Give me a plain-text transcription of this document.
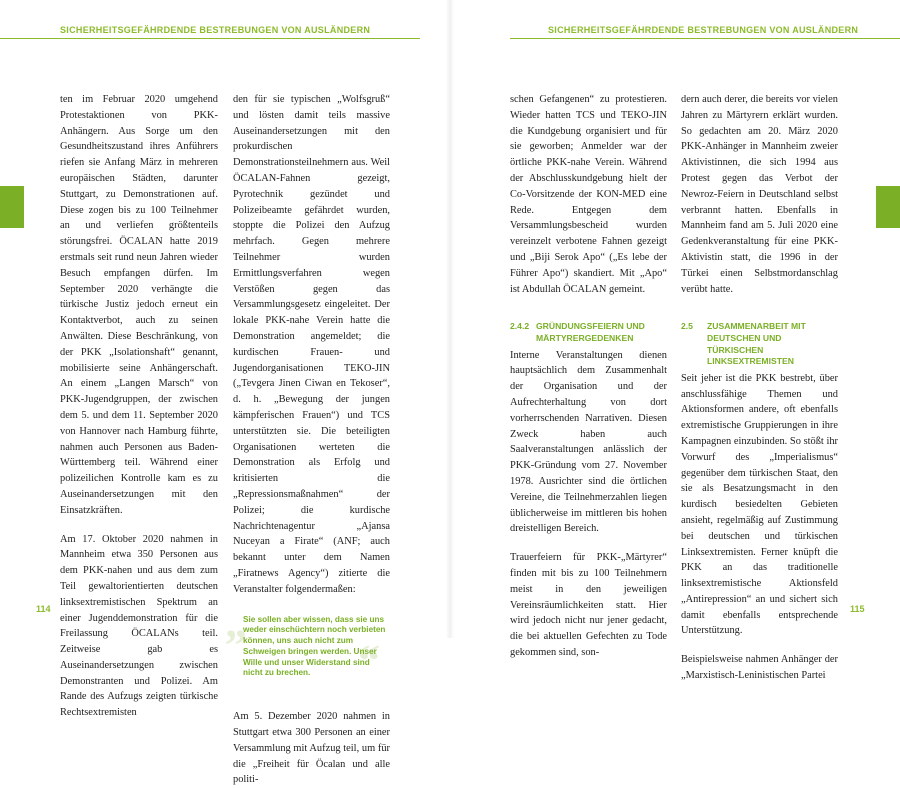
SICHERHEITSGEFÄHRDENDE BESTREBUNGEN VON AUSLÄNDERN

ten im Februar 2020 umgehend Protestaktionen von PKK-Anhängern. Aus Sorge um den Gesundheitszustand ihres Anführers riefen sie Anfang März in mehreren europäischen Städten, darunter Stuttgart, zu Demonstrationen auf. Diese zogen bis zu 100 Teilnehmer an und verliefen größtenteils störungsfrei. ÖCALAN hatte 2019 erstmals seit rund neun Jahren wieder Besuch empfangen dürfen. Im September 2020 verhängte die türkische Justiz jedoch erneut ein Kontaktverbot, auch zu seinen Anwälten. Diese Beschränkung, von der PKK „Isolationshaft“ genannt, mobilisierte seine Anhängerschaft. An einem „Langen Marsch“ von PKK-Jugendgruppen, der zwischen dem 5. und dem 11. September 2020 von Hannover nach Hamburg führte, nahmen auch Personen aus Baden-Württemberg teil. Während einer polizeilichen Kontrolle kam es zu Auseinandersetzungen mit den Einsatzkräften.

Am 17. Oktober 2020 nahmen in Mannheim etwa 350 Personen aus dem PKK-nahen und aus dem zum Teil gewaltorientierten deutschen linksextremistischen Spektrum an einer Jugenddemonstration für die Freilassung ÖCALANs teil. Zeitweise gab es Auseinandersetzungen zwischen Demonstranten und Polizei. Am Rande des Aufzugs zeigten türkische Rechtsextremisten

den für sie typischen „Wolfsgruß“ und lösten damit teils massive Auseinandersetzungen mit den prokurdischen Demonstrationsteilnehmern aus. Weil ÖCALAN-Fahnen gezeigt, Pyrotechnik gezündet und Polizeibeamte gefährdet wurden, stoppte die Polizei den Aufzug mehrfach. Gegen mehrere Teilnehmer wurden Ermittlungsverfahren wegen Verstößen gegen das Versammlungsgesetz eingeleitet. Der lokale PKK-nahe Verein hatte die Demonstration angemeldet; die kurdischen Frauen- und Jugendorganisationen TEKO-JIN („Tevgera Jinen Ciwan en Tekoser“, d. h. „Bewegung der jungen kämpferischen Frauen“) und TCS unterstützten sie. Die beteiligten Organisationen werteten die Demonstration als Erfolg und kritisierten die „Repressionsmaßnahmen“ der Polizei; die kurdische Nachrichtenagentur „Ajansa Nuceyan a Firate“ (ANF; auch bekannt unter dem Namen „Firatnews Agency“) zitierte die Veranstalter folgendermaßen:

„
“
Sie sollen aber wissen, dass sie uns weder einschüchtern noch verbieten können, uns auch nicht zum Schweigen bringen werden. Unser Wille und unser Widerstand sind nicht zu brechen.

Am 5. Dezember 2020 nahmen in Stuttgart etwa 300 Personen an einer Versammlung mit Aufzug teil, um für die „Freiheit für Öcalan und alle politi-

114
SICHERHEITSGEFÄHRDENDE BESTREBUNGEN VON AUSLÄNDERN

schen Gefangenen“ zu protestieren. Wieder hatten TCS und TEKO-JIN die Kundgebung organisiert und für sie geworben; Anmelder war der örtliche PKK-nahe Verein. Während der Abschlusskundgebung hielt der Co-Vorsitzende der KON-MED eine Rede. Entgegen dem Versammlungsbescheid wurden vereinzelt verbotene Fahnen gezeigt und „Biji Serok Apo“ („Es lebe der Führer Apo“) skandiert. Mit „Apo“ ist Abdullah ÖCALAN gemeint.

2.4.2 GRÜNDUNGSFEIERN UND MÄRTYRERGEDENKEN

Interne Veranstaltungen dienen hauptsächlich dem Zusammenhalt der Organisation und der Aufrechterhaltung von dort vorherrschenden Narrativen. Diesen Zweck haben auch Saalveranstaltungen anlässlich der PKK-Gründung vom 27. November 1978. Ausrichter sind die örtlichen Vereine, die Teilnehmerzahlen liegen üblicherweise im mittleren bis hohen dreistelligen Bereich.

Trauerfeiern für PKK-„Märtyrer“ finden mit bis zu 100 Teilnehmern meist in den jeweiligen Vereinsräumlichkeiten statt. Hier wird jedoch nicht nur jener gedacht, die bei aktuellen Gefechten zu Tode gekommen sind, son-

dern auch derer, die bereits vor vielen Jahren zu Märtyrern erklärt wurden. So gedachten am 20. März 2020 PKK-Anhänger in Mannheim zweier Aktivistinnen, die sich 1994 aus Protest gegen das Verbot der Newroz-Feiern in Deutschland selbst verbrannt hatten. Ebenfalls in Mannheim fand am 5. Juli 2020 eine Gedenkveranstaltung für eine PKK-Aktivistin statt, die 1996 in der Türkei einen Selbstmordanschlag verübt hatte.

2.5 ZUSAMMENARBEIT MIT DEUTSCHEN UND TÜRKISCHEN LINKSEXTREMISTEN

Seit jeher ist die PKK bestrebt, über anschlussfähige Themen und Aktionsformen andere, oft ebenfalls extremistische Gruppierungen in ihre Kampagnen einzubinden. So stößt ihr Vorwurf des „Imperialismus“ gegenüber dem türkischen Staat, den sie als Besatzungsmacht in den kurdisch besiedelten Gebieten ansieht, regelmäßig auf Zustimmung bei deutschen und türkischen Linksextremisten. Ferner knüpft die PKK an das traditionelle linksextremistische Aktionsfeld „Antirepression“ an und sichert sich damit ebenfalls entsprechende Unterstützung.

Beispielsweise nahmen Anhänger der „Marxistisch-Leninistischen Partei

115
